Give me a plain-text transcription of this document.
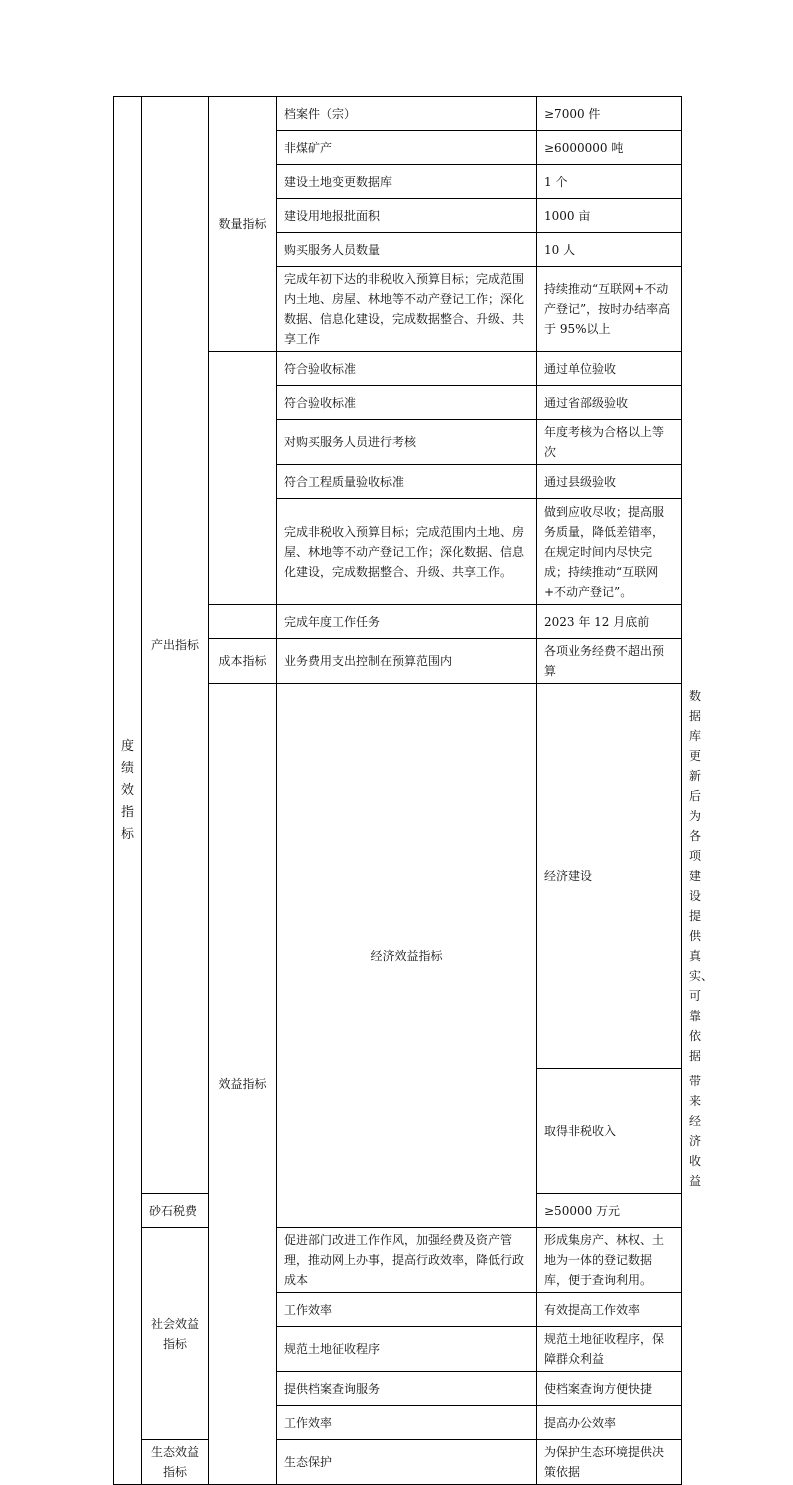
度
绩
效
指
标	产出指标	数量指标	档案件（宗）	≥7000 件	
			非煤矿产	≥6000000 吨	
			建设土地变更数据库	1 个	
			建设用地报批面积	1000 亩	
			购买服务人员数量	10 人	
			完成年初下达的非税收入预算目标；完成范围内土地、房屋、林地等不动产登记工作；深化数据、信息化建设，完成数据整合、升级、共享工作	持续推动“互联网+不动产登记”，按时办结率高于 95%以上	
			符合验收标准	通过单位验收	
			符合验收标准	通过省部级验收	
			对购买服务人员进行考核	年度考核为合格以上等次	
			符合工程质量验收标准	通过县级验收	
			完成非税收入预算目标；完成范围内土地、房屋、林地等不动产登记工作；深化数据、信息化建设，完成数据整合、升级、共享工作。	做到应收尽收；提高服务质量，降低差错率，在规定时间内尽快完成；持续推动“互联网+不动产登记”。	
			完成年度工作任务	2023 年 12 月底前	
		成本指标	业务费用支出控制在预算范围内	各项业务经费不超出预算	
		效益指标	经济效益指标	经济建设	数据库更新后为各项建设提供真实、可靠依据
				取得非税收入	带来经济收益
	砂石税费			≥50000 万元	
	社会效益指标		促进部门改进工作作风，加强经费及资产管理，推动网上办事，提高行政效率，降低行政成本	形成集房产、林权、土地为一体的登记数据库，便于查询利用。	
			工作效率	有效提高工作效率	
			规范土地征收程序	规范土地征收程序，保障群众利益	
			提供档案查询服务	使档案查询方便快捷	
			工作效率	提高办公效率	
	生态效益指标		生态保护	为保护生态环境提供决策依据	
